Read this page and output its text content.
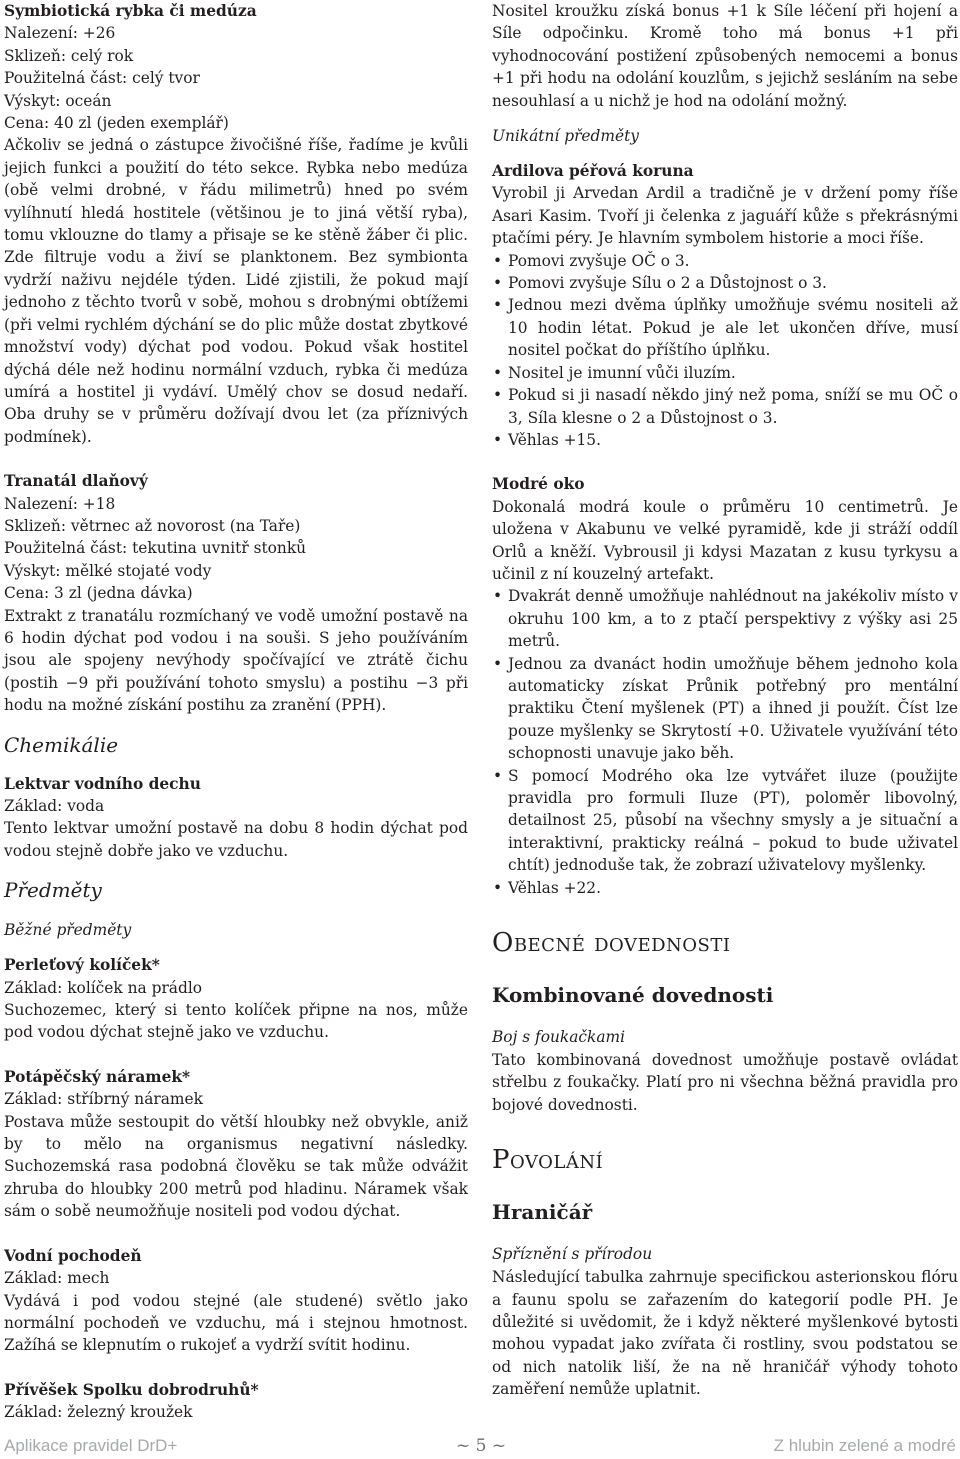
Symbiotická rybka či medúza
Nalezení: +26
Sklizeň: celý rok
Použitelná část: celý tvor
Výskyt: oceán
Cena: 40 zl (jeden exemplář)

Ačkoliv se jedná o zástupce živočišné říše, řadíme je kvůli jejich funkci a použití do této sekce. Rybka nebo medúza (obě velmi drobné, v řádu milimetrů) hned po svém vylíhnutí hledá hostitele (většinou je to jiná větší ryba), tomu vklouzne do tlamy a přisaje se ke stěně žáber či plic. Zde filtruje vodu a živí se planktonem. Bez symbionta vydrží naživu nejdéle týden. Lidé zjistili, že pokud mají jednoho z těchto tvorů v sobě, mohou s drobnými obtížemi (při velmi rychlém dýchání se do plic může dostat zbytkové množství vody) dýchat pod vodou. Pokud však hostitel dýchá déle než hodinu normální vzduch, rybka či medúza umírá a hostitel ji vydáví. Umělý chov se dosud nedaří. Oba druhy se v průměru dožívají dvou let (za příznivých podmínek).

Tranatál dlaňový
Nalezení: +18
Sklizeň: větrnec až novorost (na Taře)
Použitelná část: tekutina uvnitř stonků
Výskyt: mělké stojaté vody
Cena: 3 zl (jedna dávka)

Extrakt z tranatálu rozmíchaný ve vodě umožní postavě na 6 hodin dýchat pod vodou i na souši. S jeho používáním jsou ale spojeny nevýhody spočívající ve ztrátě čichu (postih −9 při používání tohoto smyslu) a postihu −3 při hodu na možné získání postihu za zranění (PPH).

Chemikálie
Lektvar vodního dechu
Základ: voda

Tento lektvar umožní postavě na dobu 8 hodin dýchat pod vodou stejně dobře jako ve vzduchu.

Předměty
Běžné předměty
Perleťový kolíček*
Základ: kolíček na prádlo

Suchozemec, který si tento kolíček připne na nos, může pod vodou dýchat stejně jako ve vzduchu.

Potápěčský náramek*
Základ: stříbrný náramek

Postava může sestoupit do větší hloubky než obvykle, aniž by to mělo na organismus negativní následky. Suchozemská rasa podobná člověku se tak může odvážit zhruba do hloubky 200 metrů pod hladinu. Náramek však sám o sobě neumožňuje nositeli pod vodou dýchat.

Vodní pochodeň
Základ: mech

Vydává i pod vodou stejné (ale studené) světlo jako normální pochodeň ve vzduchu, má i stejnou hmotnost. Zažíhá se klepnutím o rukojeť a vydrží svítit hodinu.

Přívěšek Spolku dobrodruhů*
Základ: železný kroužek

Nositel kroužku získá bonus +1 k Síle léčení při hojení a Síle odpočinku. Kromě toho má bonus +1 při vyhodnocování postižení způsobených nemocemi a bonus +1 při hodu na odolání kouzlům, s jejichž sesláním na sebe nesouhlasí a u nichž je hod na odolání možný.

Unikátní předměty
Ardilova péřová koruna

Vyrobil ji Arvedan Ardil a tradičně je v držení pomy říše Asari Kasim. Tvoří ji čelenka z jaguáří kůže s překrásnými ptačími péry. Je hlavním symbolem historie a moci říše.

• Pomovi zvyšuje OČ o 3.
• Pomovi zvyšuje Sílu o 2 a Důstojnost o 3.
• Jednou mezi dvěma úplňky umožňuje svému nositeli až 10 hodin létat. Pokud je ale let ukončen dříve, musí nositel počkat do příštího úplňku.
• Nositel je imunní vůči iluzím.
• Pokud si ji nasadí někdo jiný než poma, sníží se mu OČ o 3, Síla klesne o 2 a Důstojnost o 3.
• Věhlas +15.
Modré oko

Dokonalá modrá koule o průměru 10 centimetrů. Je uložena v Akabunu ve velké pyramidě, kde ji stráží oddíl Orlů a kněží. Vybrousil ji kdysi Mazatan z kusu tyrkysu a učinil z ní kouzelný artefakt.

• Dvakrát denně umožňuje nahlédnout na jakékoliv místo v okruhu 100 km, a to z ptačí perspektivy z výšky asi 25 metrů.
• Jednou za dvanáct hodin umožňuje během jednoho kola automaticky získat Průnik potřebný pro mentální praktiku Čtení myšlenek (PT) a ihned ji použít. Číst lze pouze myšlenky se Skrytostí +0. Uživatele využívání této schopnosti unavuje jako běh.
• S pomocí Modrého oka lze vytvářet iluze (použijte pravidla pro formuli Iluze (PT), poloměr libovolný, detailnost 25, působí na všechny smysly a je situační a interaktivní, prakticky reálná – pokud to bude uživatel chtít) jednoduše tak, že zobrazí uživatelovy myšlenky.
• Věhlas +22.
Obecné dovednosti
Kombinované dovednosti
Boj s foukačkami

Tato kombinovaná dovednost umožňuje postavě ovládat střelbu z foukačky. Platí pro ni všechna běžná pravidla pro bojové dovednosti.

Povolání
Hraničář
Spříznění s přírodou

Následující tabulka zahrnuje specifickou asterionskou flóru a faunu spolu se zařazením do kategorií podle PH. Je důležité si uvědomit, že i když některé myšlenkové bytosti mohou vypadat jako zvířata či rostliny, svou podstatou se od nich natolik liší, že na ně hraničář výhody tohoto zaměření nemůže uplatnit.

Aplikace pravidel DrD+	~ 5 ~	Z hlubin zelené a modré
